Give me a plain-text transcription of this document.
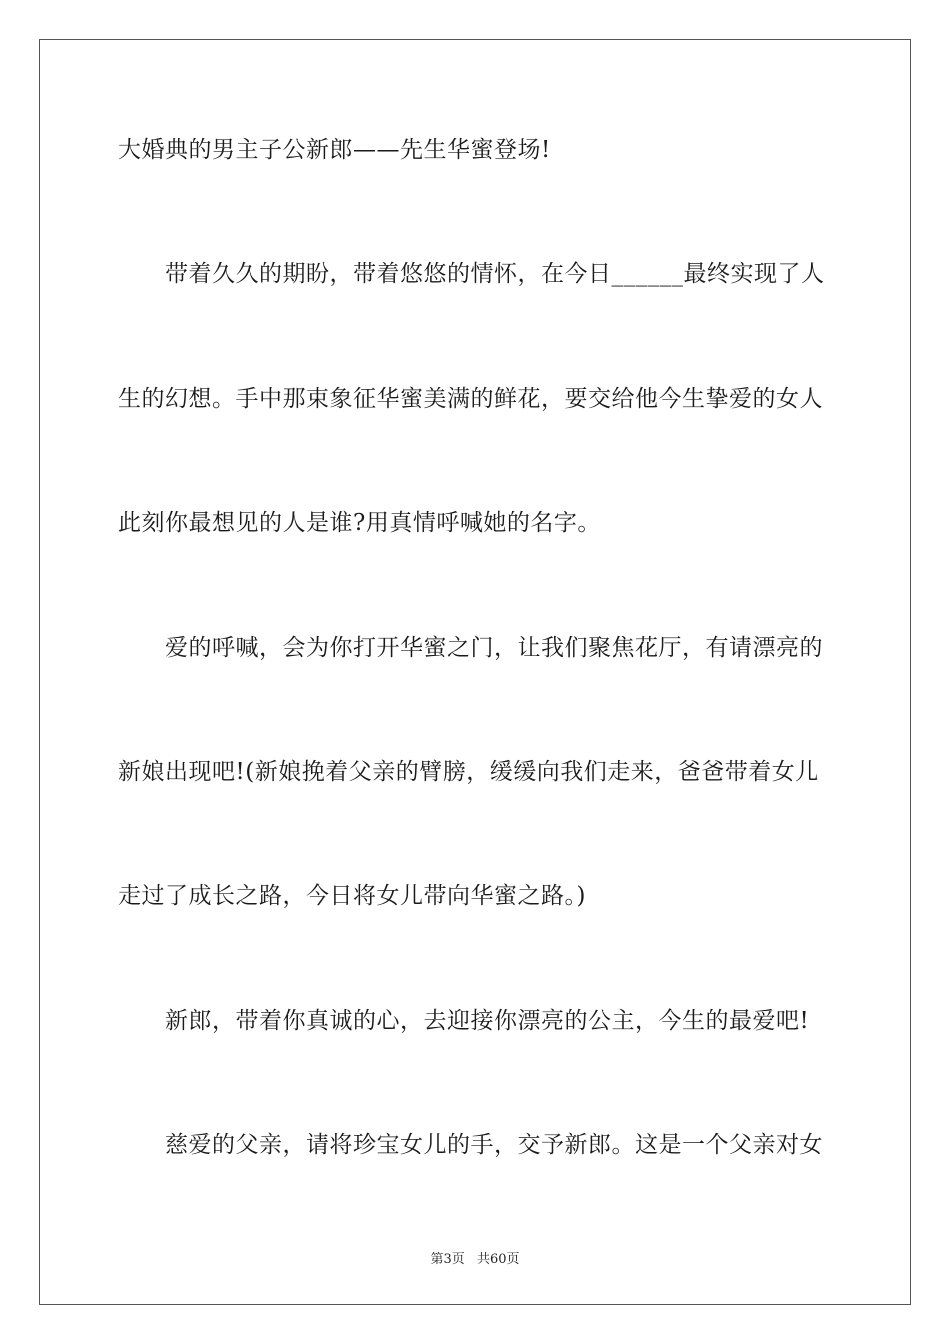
大婚典的男主子公新郎——先生华蜜登场!
带着久久的期盼，带着悠悠的情怀，在今日______最终实现了人
生的幻想。手中那束象征华蜜美满的鲜花，要交给他今生挚爱的女人
此刻你最想见的人是谁?用真情呼喊她的名字。
爱的呼喊，会为你打开华蜜之门，让我们聚焦花厅，有请漂亮的
新娘出现吧!(新娘挽着父亲的臂膀，缓缓向我们走来，爸爸带着女儿
走过了成长之路，今日将女儿带向华蜜之路。)
新郎，带着你真诚的心，去迎接你漂亮的公主，今生的最爱吧!
慈爱的父亲，请将珍宝女儿的手，交予新郎。这是一个父亲对女
第3页 共60页
